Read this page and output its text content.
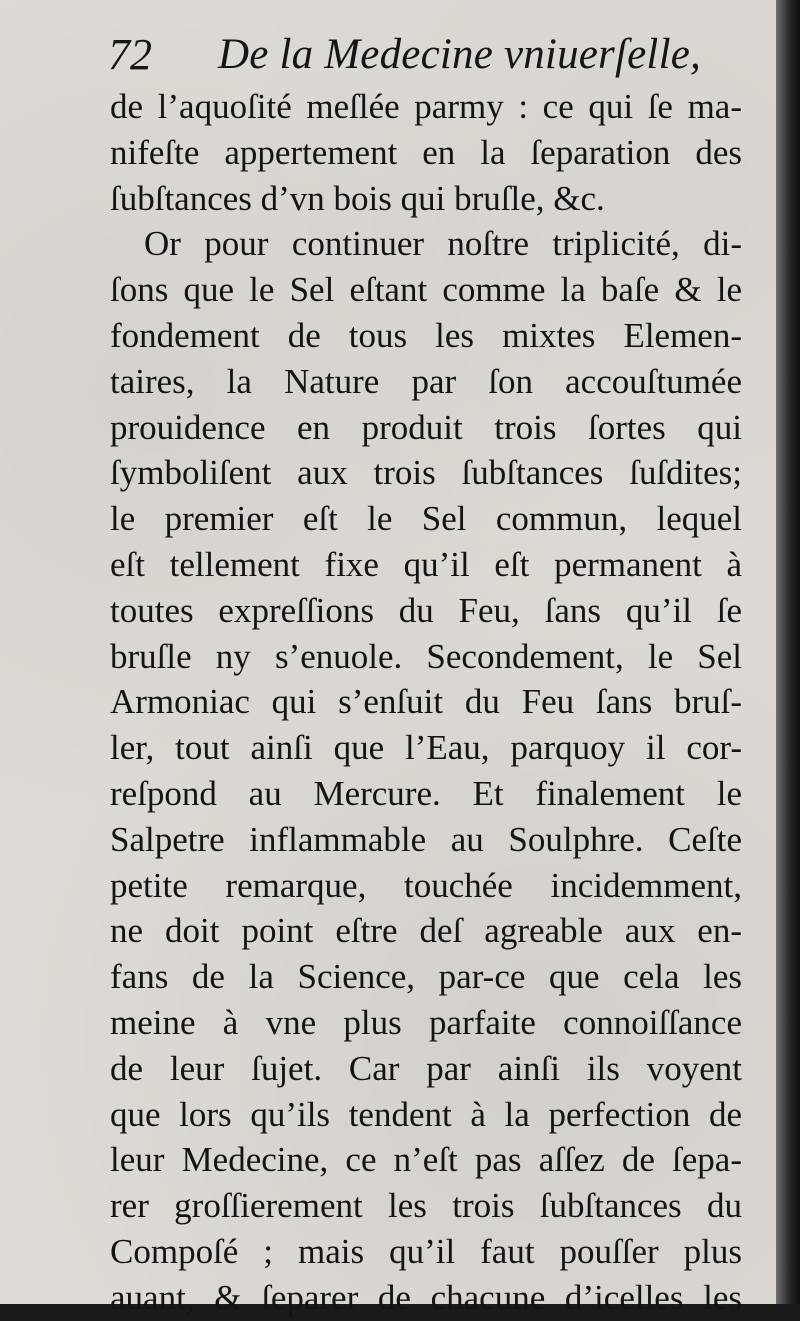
72 De la Medecine vniuerſelle,
de l’aquoſité meſlée parmy : ce qui ſe ma-
nifeſte appertement en la ſeparation des
ſubſtances d’vn bois qui bruſle, &c.
Or pour continuer noſtre triplicité, di-
ſons que le Sel eſtant comme la baſe & le
fondement de tous les mixtes Elemen-
taires, la Nature par ſon accouſtumée
prouidence en produit trois ſortes qui
ſymboliſent aux trois ſubſtances ſuſdites;
le premier eſt le Sel commun, lequel
eſt tellement fixe qu’il eſt permanent à
toutes expreſſions du Feu, ſans qu’il ſe
bruſle ny s’enuole. Secondement, le Sel
Armoniac qui s’enſuit du Feu ſans bruſ-
ler, tout ainſi que l’Eau, parquoy il cor-
reſpond au Mercure. Et finalement le
Salpetre inflammable au Soulphre. Ceſte
petite remarque, touchée incidemment,
ne doit point eſtre deſ agreable aux en-
fans de la Science, par-ce que cela les
meine à vne plus parfaite connoiſſance
de leur ſujet. Car par ainſi ils voyent
que lors qu’ils tendent à la perfection de
leur Medecine, ce n’eſt pas aſſez de ſepa-
rer groſſierement les trois ſubſtances du
Compoſé ; mais qu’il faut pouſſer plus
auant, & ſeparer de chacune d’icelles les
